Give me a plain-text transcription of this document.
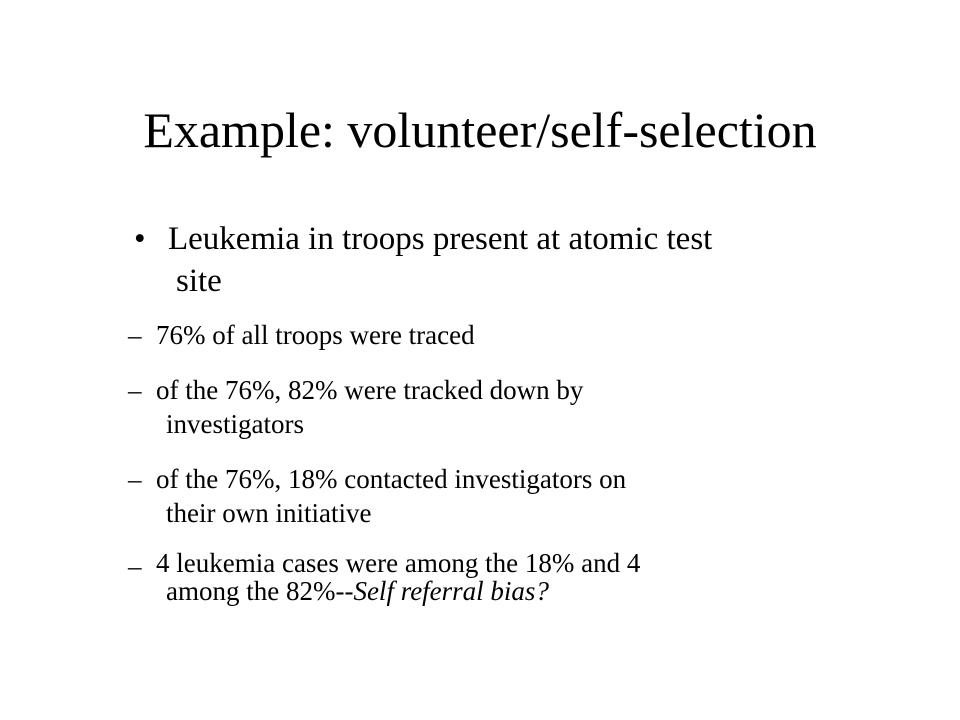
Example: volunteer/self-selection
• Leukemia in troops present at atomic test
site
– 76% of all troops were traced
– of the 76%, 82% were tracked down by
investigators
– of the 76%, 18% contacted investigators on
their own initiative
– 4 leukemia cases were among the 18% and 4
among the 82%--Self referral bias?
